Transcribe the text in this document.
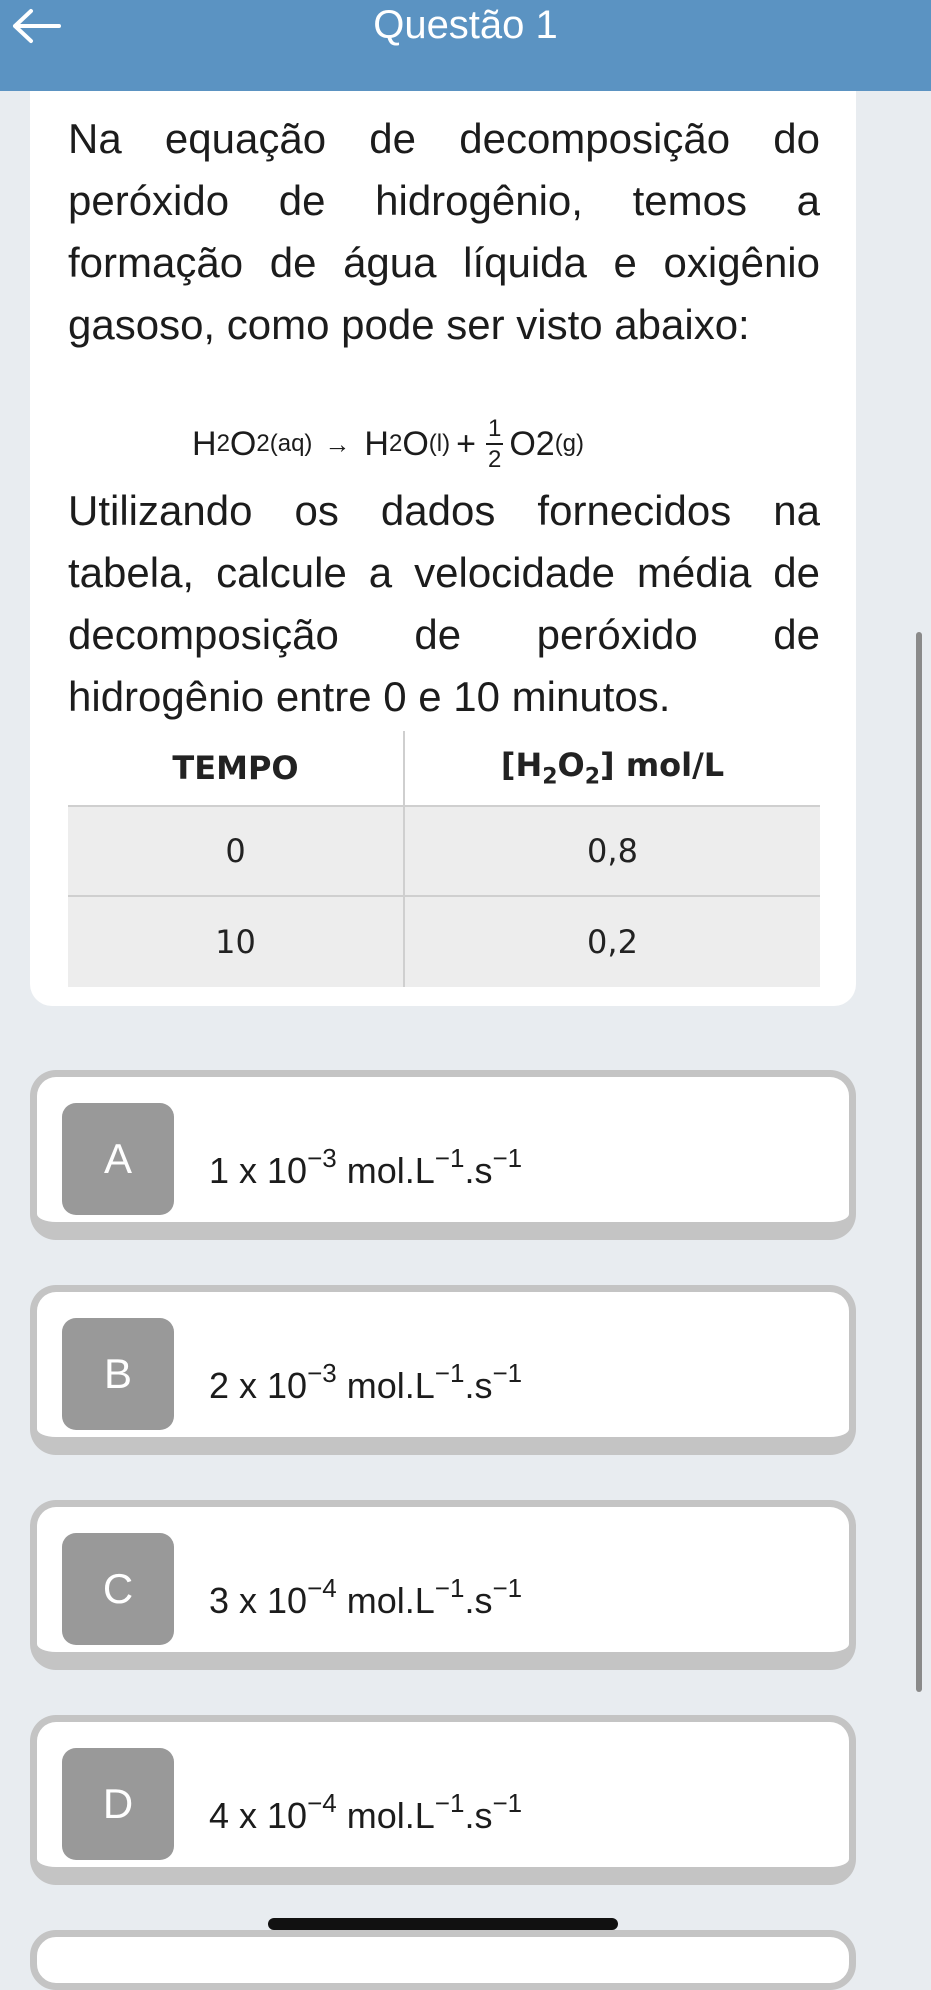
Questão 1

Na equação de decomposição do peróxido de hidrogênio, temos a formação de água líquida e oxigênio gasoso, como pode ser visto abaixo:

H 2 O 2(aq) → H 2 O $(l) + \frac{1}{2} O2$ (g)

Utilizando os dados fornecidos na tabela, calcule a velocidade média de decomposição de peróxido de hidrogênio entre 0 e 10 minutos.

TEMPO	$[H_2O_2]$ mol/L
0	0,8
10	0,2
A	1 x $10^{-3}$ $mol.L^{-1}.s^{-1}$
B	2 x $10^{-3}$ $mol.L^{-1}.s^{-1}$
C	3 x $10^{-4}$ $mol.L^{-1}.s^{-1}$
D	4 x $10^{-4}$ $mol.L^{-1}.s^{-1}$
